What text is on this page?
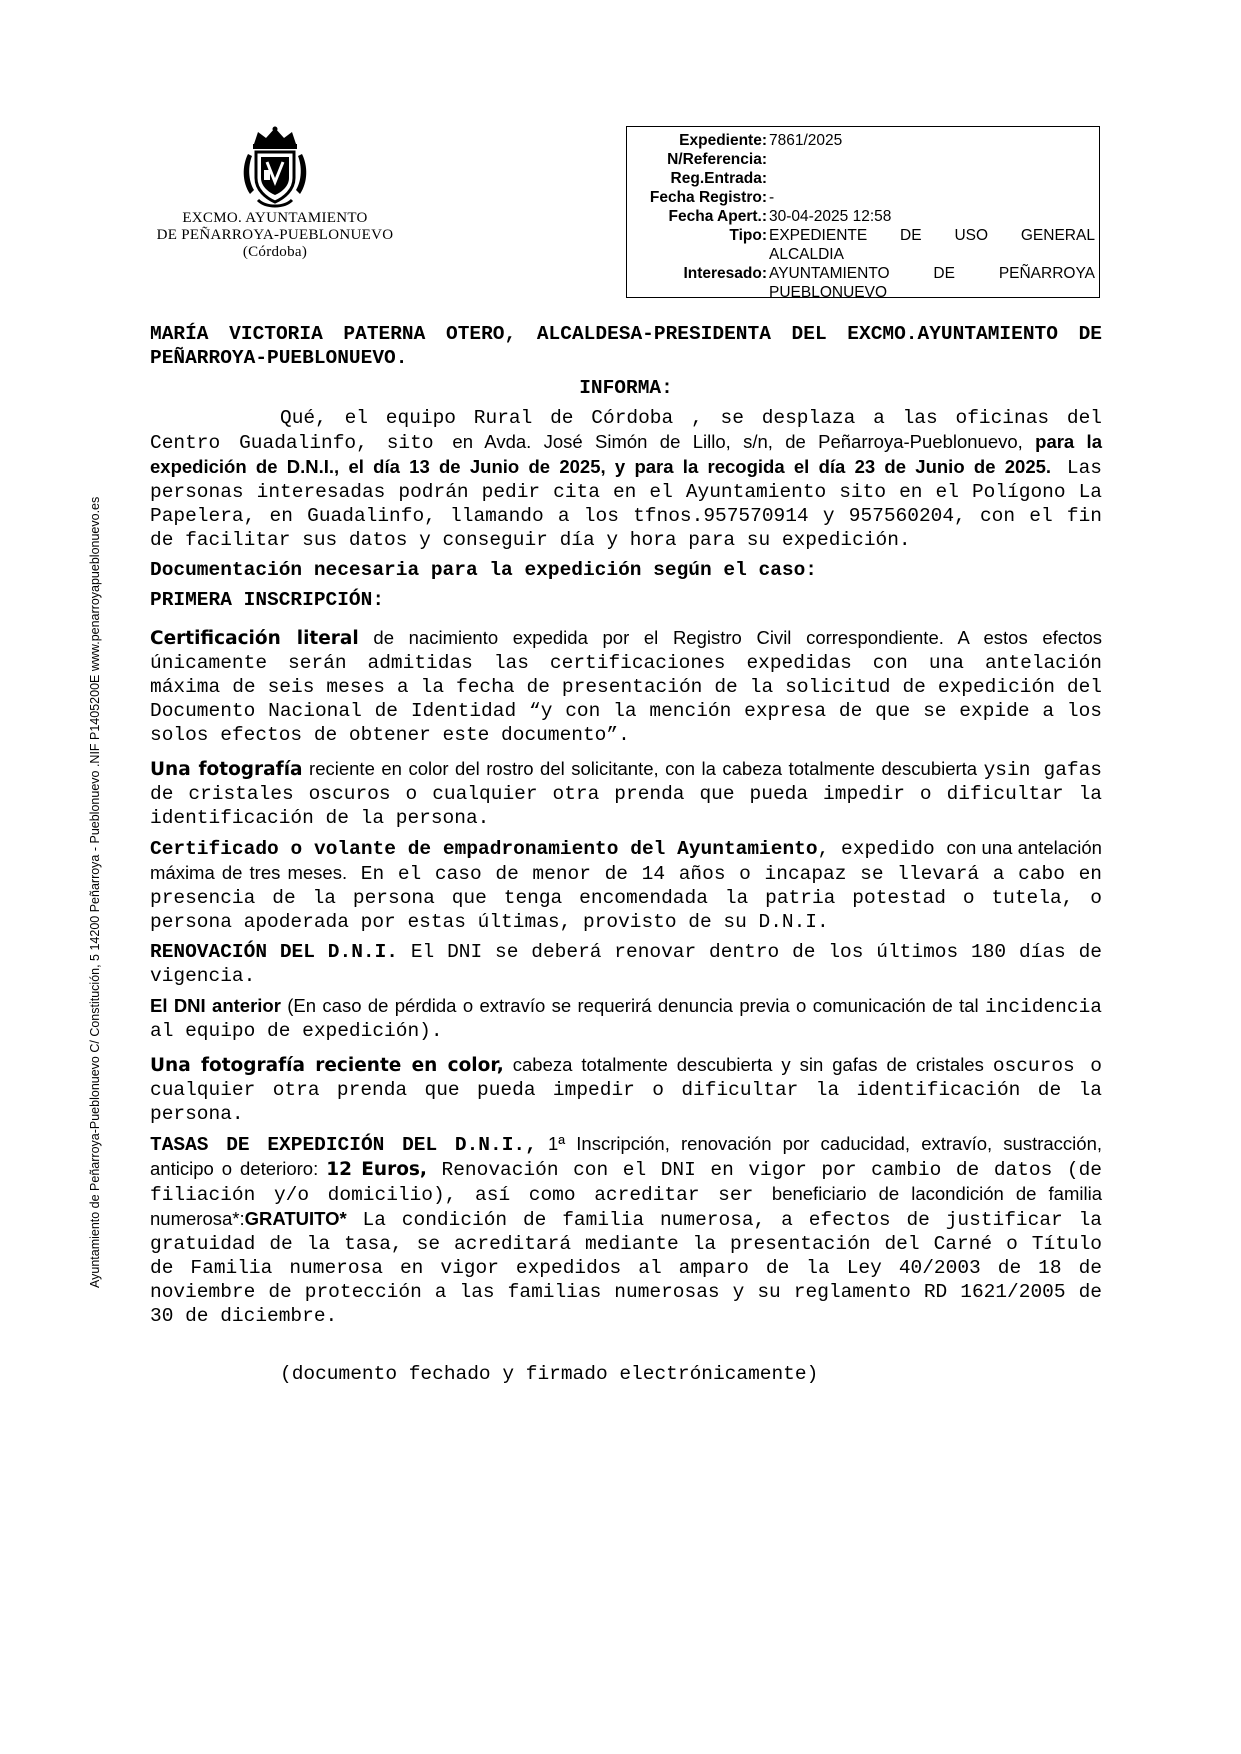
EXCMO. AYUNTAMIENTO
DE PEÑARROYA-PUEBLONUEVO
(Córdoba)
Expediente: 7861/2025
N/Referencia:
Reg.Entrada:
Fecha Registro: -
Fecha Apert.: 30-04-2025 12:58
Tipo: EXPEDIENTE DE USO GENERAL
ALCALDIA
Interesado: AYUNTAMIENTO	DE	PEÑARROYA
PUEBLONUEVO
Ayuntamiento de Peñarroya-Pueblonuevo C/ Constitución, 5 14200 Peñarroya - Pueblonuevo .NIF P1405200E www.penarroyapueblonuevo.es

MARÍA VICTORIA PATERNA OTERO, ALCALDESA-PRESIDENTA DEL EXCMO.AYUNTAMIENTO DE PEÑARROYA-PUEBLONUEVO.

INFORMA:

Qué, el equipo Rural de Córdoba , se desplaza a las oficinas del Centro Guadalinfo, sito en Avda. José Simón de Lillo, s/n, de Peñarroya-Pueblonuevo, para la expedición de D.N.I., el día 13 de Junio de 2025, y para la recogida el día 23 de Junio de 2025. Las personas interesadas podrán pedir cita en el Ayuntamiento sito en el Polígono La Papelera, en Guadalinfo, llamando a los tfnos.957570914 y 957560204, con el fin de facilitar sus datos y conseguir día y hora para su expedición.

Documentación necesaria para la expedición según el caso:

PRIMERA INSCRIPCIÓN:

Certificación literal de nacimiento expedida por el Registro Civil correspondiente. A estos efectos únicamente serán admitidas las certificaciones expedidas con una antelación máxima de seis meses a la fecha de presentación de la solicitud de expedición del Documento Nacional de Identidad “y con la mención expresa de que se expide a los solos efectos de obtener este documento”.

Una fotografía reciente en color del rostro del solicitante, con la cabeza totalmente descubierta ysin gafas de cristales oscuros o cualquier otra prenda que pueda impedir o dificultar la identificación de la persona.

Certificado o volante de empadronamiento del Ayuntamiento, expedido con una antelación máxima de tres meses. En el caso de menor de 14 años o incapaz se llevará a cabo en presencia de la persona que tenga encomendada la patria potestad o tutela, o persona apoderada por estas últimas, provisto de su D.N.I.

RENOVACIÓN DEL D.N.I. El DNI se deberá renovar dentro de los últimos 180 días de vigencia.

El DNI anterior (En caso de pérdida o extravío se requerirá denuncia previa o comunicación de tal incidencia al equipo de expedición).

Una fotografía reciente en color, cabeza totalmente descubierta y sin gafas de cristales oscuros o cualquier otra prenda que pueda impedir o dificultar la identificación de la persona.

TASAS DE EXPEDICIÓN DEL D.N.I., 1ª Inscripción, renovación por caducidad, extravío, sustracción, anticipo o deterioro: 12 Euros, Renovación con el DNI en vigor por cambio de datos (de filiación y/o domicilio), así como acreditar ser beneficiario de lacondición de familia numerosa*:GRATUITO* La condición de familia numerosa, a efectos de justificar la gratuidad de la tasa, se acreditará mediante la presentación del Carné o Título de Familia numerosa en vigor expedidos al amparo de la Ley 40/2003 de 18 de noviembre de protección a las familias numerosas y su reglamento RD 1621/2005 de 30 de diciembre.

(documento fechado y firmado electrónicamente)
